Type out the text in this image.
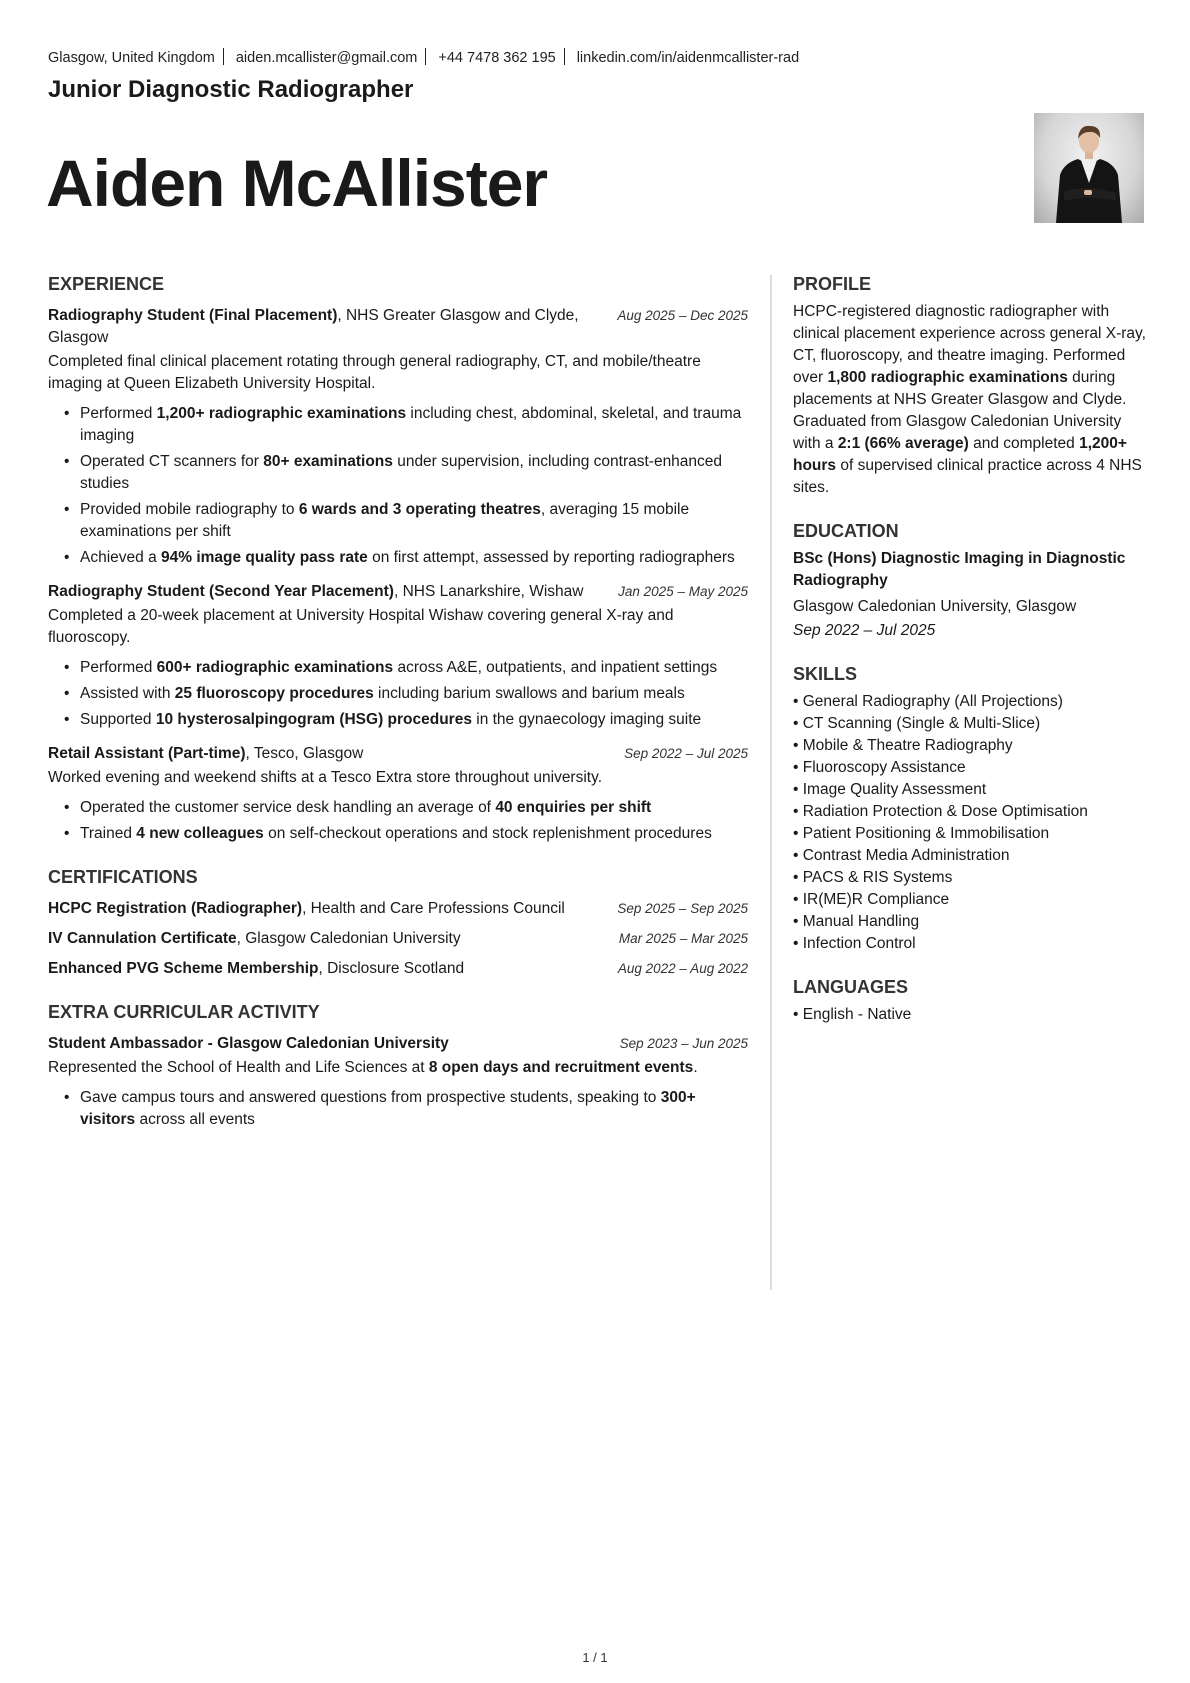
Glasgow, United Kingdom aiden.mcallister@gmail.com +44 7478 362 195 linkedin.com/in/aidenmcallister-rad
Junior Diagnostic Radiographer
Aiden McAllister
EXPERIENCE
Radiography Student (Final Placement), NHS Greater Glasgow and Clyde, Glasgow
Aug 2025 – Dec 2025
Completed final clinical placement rotating through general radiography, CT, and mobile/theatre imaging at Queen Elizabeth University Hospital.
• Performed 1,200+ radiographic examinations including chest, abdominal, skeletal, and trauma imaging
• Operated CT scanners for 80+ examinations under supervision, including contrast-enhanced studies
• Provided mobile radiography to 6 wards and 3 operating theatres, averaging 15 mobile examinations per shift
• Achieved a 94% image quality pass rate on first attempt, assessed by reporting radiographers
Radiography Student (Second Year Placement), NHS Lanarkshire, Wishaw	Jan 2025 – May 2025
Completed a 20-week placement at University Hospital Wishaw covering general X-ray and fluoroscopy.
• Performed 600+ radiographic examinations across A&E, outpatients, and inpatient settings
• Assisted with 25 fluoroscopy procedures including barium swallows and barium meals
• Supported 10 hysterosalpingogram (HSG) procedures in the gynaecology imaging suite
Retail Assistant (Part-time), Tesco, Glasgow	Sep 2022 – Jul 2025
Worked evening and weekend shifts at a Tesco Extra store throughout university.
• Operated the customer service desk handling an average of 40 enquiries per shift
• Trained 4 new colleagues on self-checkout operations and stock replenishment procedures
CERTIFICATIONS
HCPC Registration (Radiographer), Health and Care Professions Council	Sep 2025 – Sep 2025
IV Cannulation Certificate, Glasgow Caledonian University	Mar 2025 – Mar 2025
Enhanced PVG Scheme Membership, Disclosure Scotland	Aug 2022 – Aug 2022
EXTRA CURRICULAR ACTIVITY
Student Ambassador - Glasgow Caledonian University	Sep 2023 – Jun 2025
Represented the School of Health and Life Sciences at 8 open days and recruitment events.
• Gave campus tours and answered questions from prospective students, speaking to 300+ visitors across all events
PROFILE
HCPC-registered diagnostic radiographer with clinical placement experience across general X-ray, CT, fluoroscopy, and theatre imaging. Performed over 1,800 radiographic examinations during placements at NHS Greater Glasgow and Clyde. Graduated from Glasgow Caledonian University with a 2:1 (66% average) and completed 1,200+ hours of supervised clinical practice across 4 NHS sites.
EDUCATION
BSc (Hons) Diagnostic Imaging in Diagnostic Radiography
Glasgow Caledonian University, Glasgow
Sep 2022 – Jul 2025
SKILLS
• General Radiography (All Projections)
• CT Scanning (Single & Multi-Slice)
• Mobile & Theatre Radiography
• Fluoroscopy Assistance
• Image Quality Assessment
• Radiation Protection & Dose Optimisation
• Patient Positioning & Immobilisation
• Contrast Media Administration
• PACS & RIS Systems
• IR(ME)R Compliance
• Manual Handling
• Infection Control
LANGUAGES
• English - Native
1 / 1
